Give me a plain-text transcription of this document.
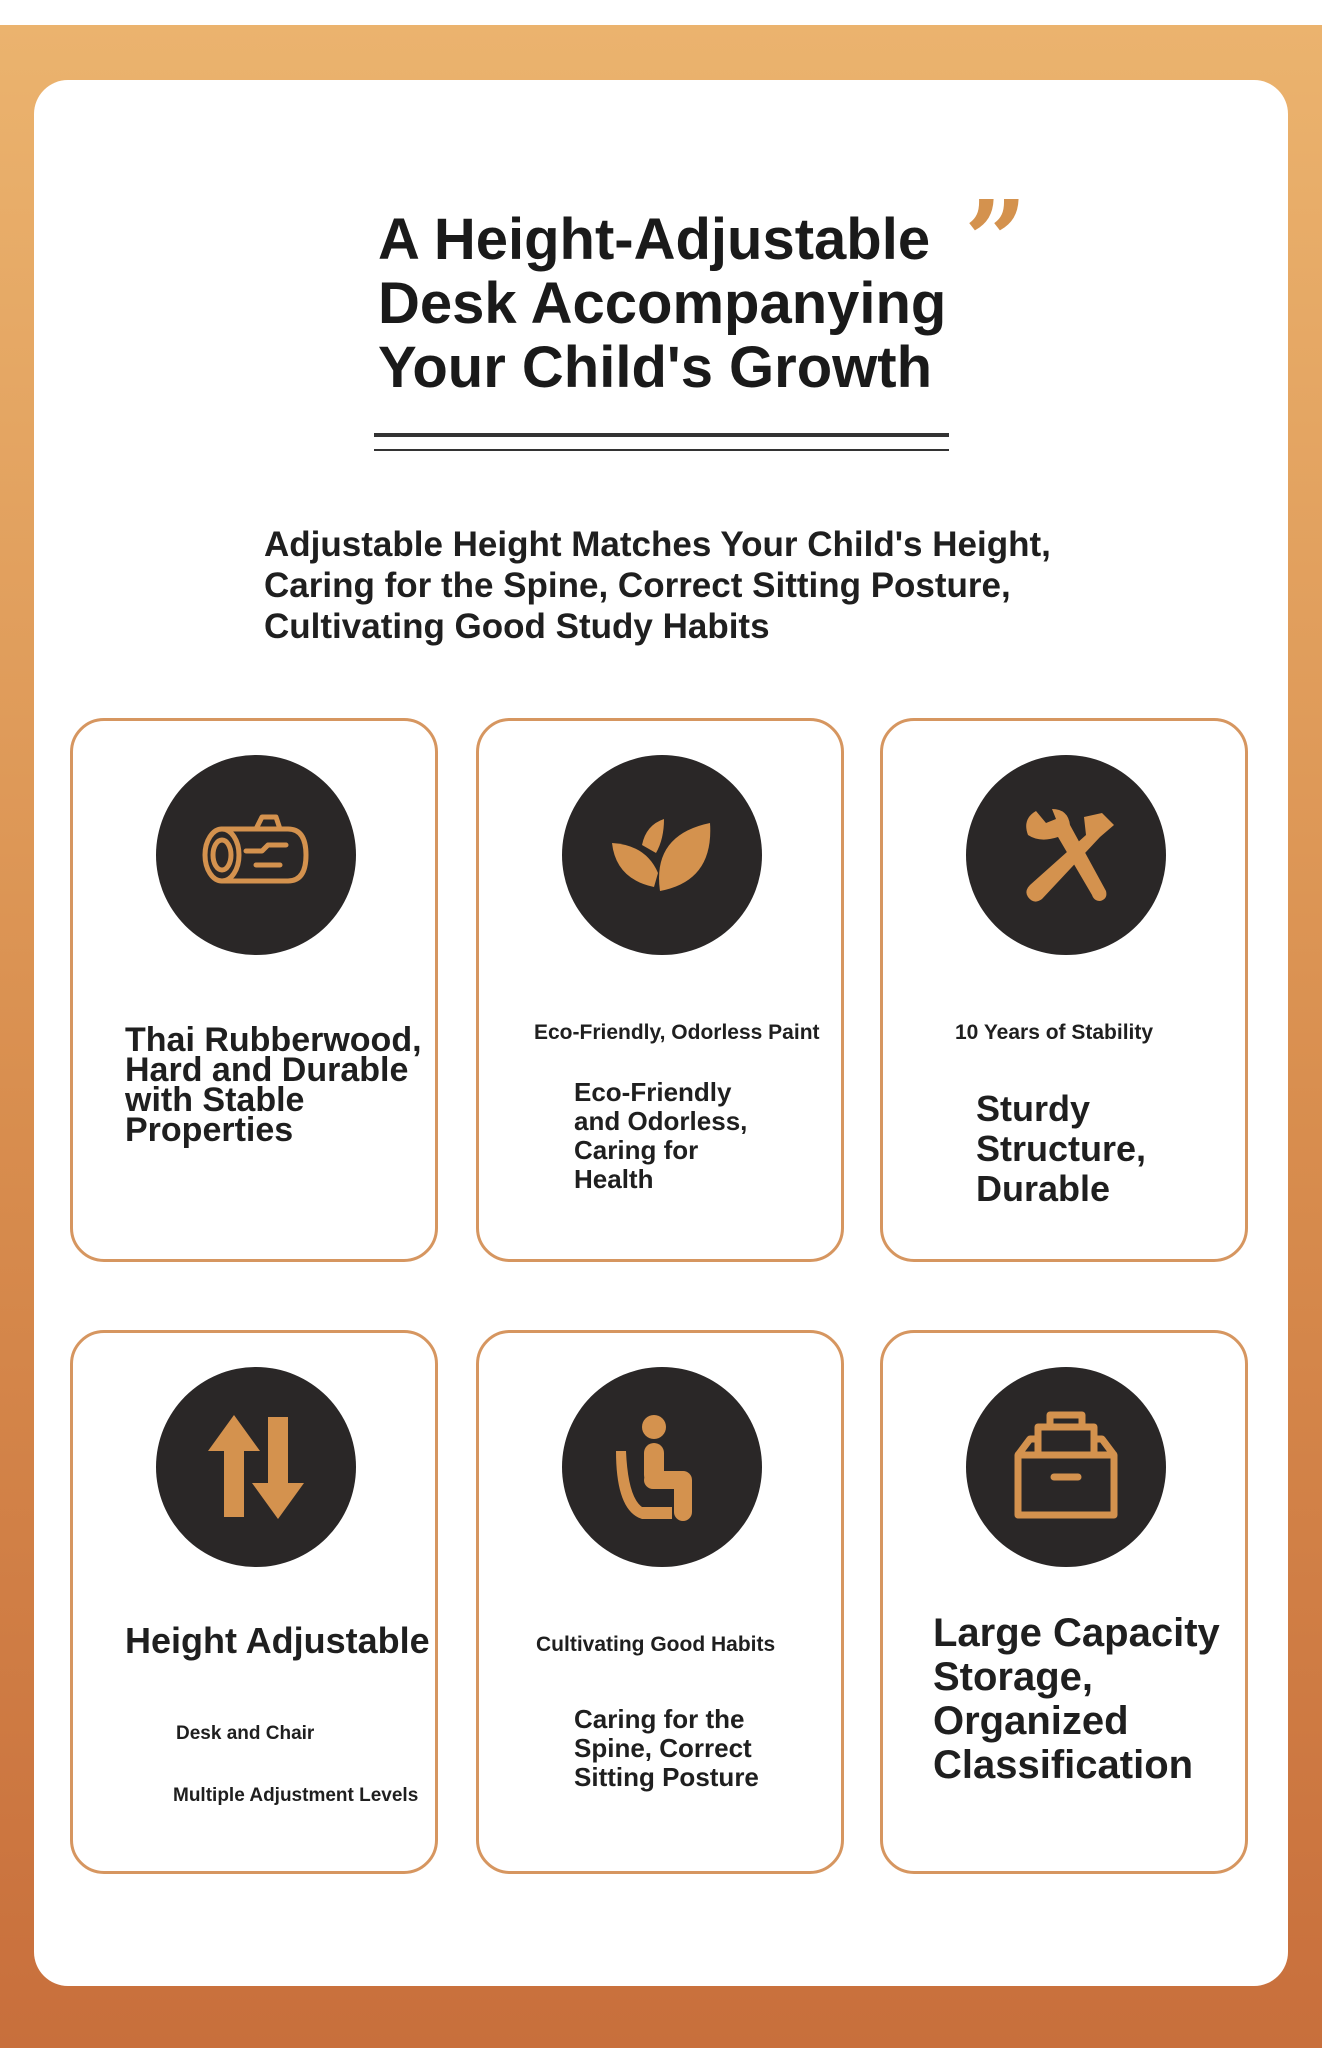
A Height-Adjustable Desk Accompanying Your Child's Growth
”
Adjustable Height Matches Your Child's Height, Caring for the Spine, Correct Sitting Posture, Cultivating Good Study Habits

Thai Rubberwood, Hard and Durable with Stable Properties

Eco-Friendly, Odorless Paint

Eco-Friendly and Odorless, Caring for Health

10 Years of Stability

Sturdy Structure, Durable

Height Adjustable

Desk and Chair

Multiple Adjustment Levels

Cultivating Good Habits

Caring for the Spine, Correct Sitting Posture

Large Capacity Storage, Organized Classification
